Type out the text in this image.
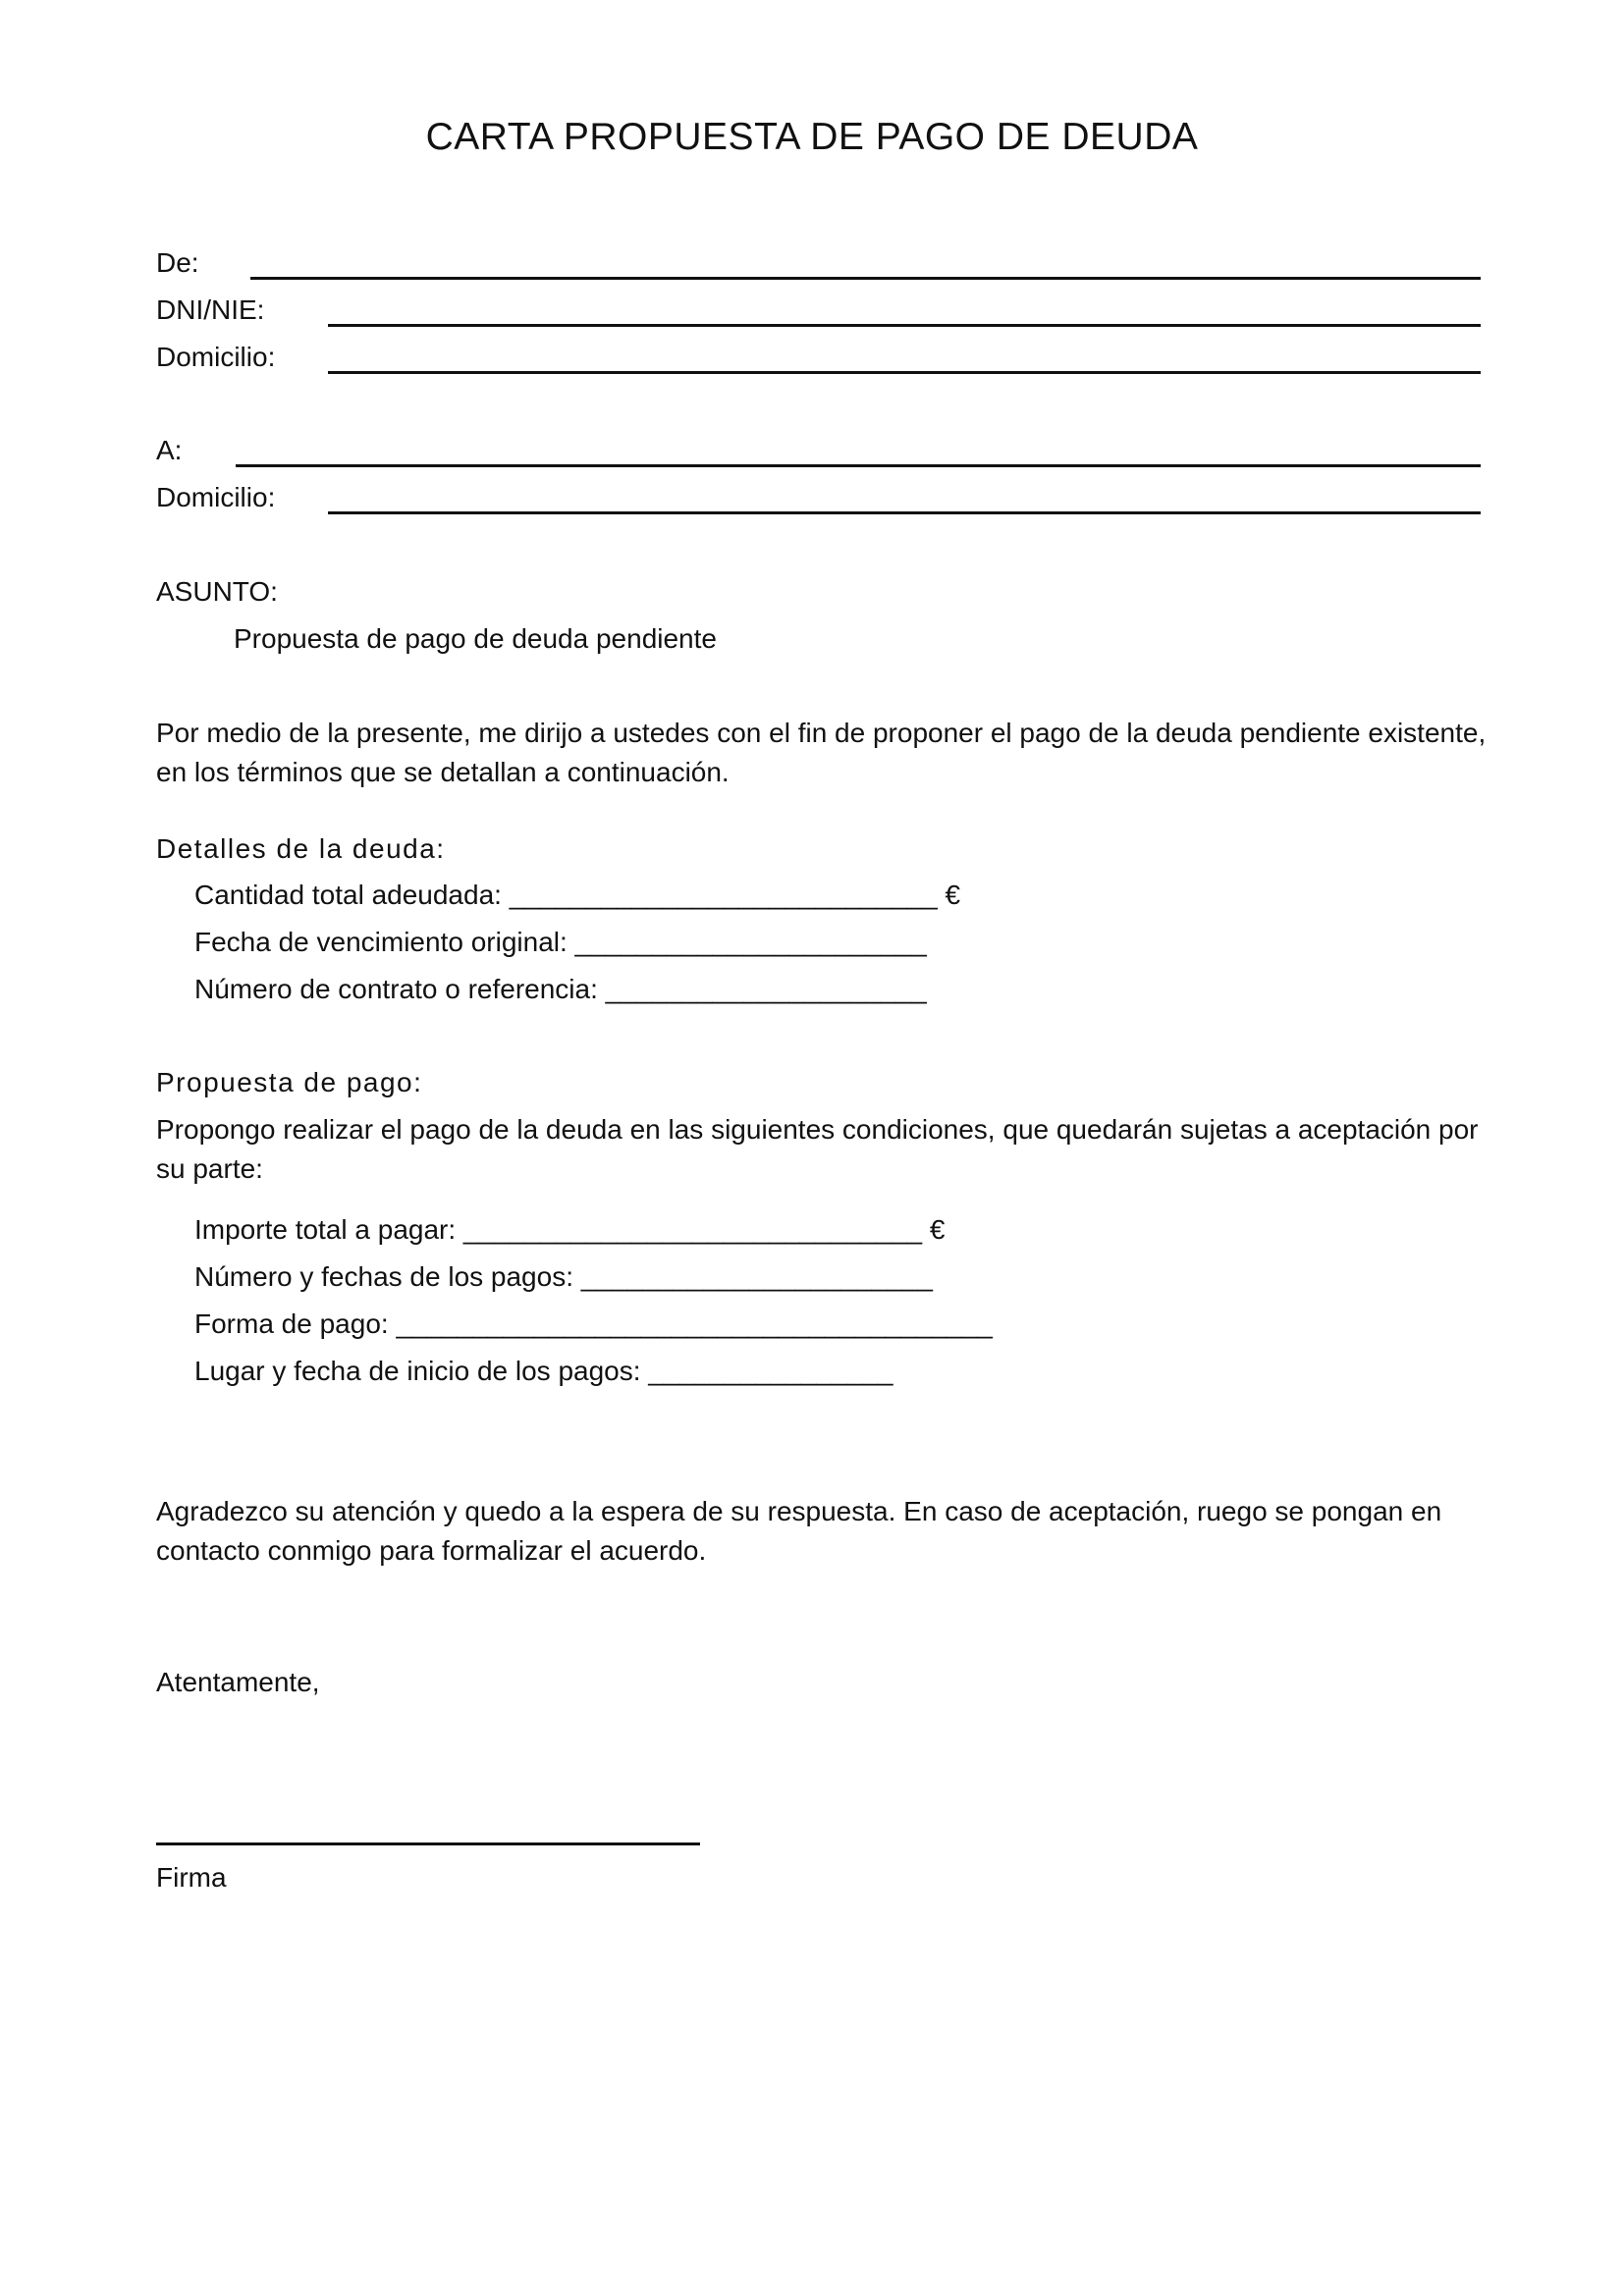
CARTA PROPUESTA DE PAGO DE DEUDA
De:
DNI/NIE:
Domicilio:
A:
Domicilio:
ASUNTO:
Propuesta de pago de deuda pendiente
Por medio de la presente, me dirijo a ustedes con el fin de proponer el pago de la deuda pendiente existente, en los términos que se detallan a continuación.
Detalles de la deuda:
Cantidad total adeudada: ____________________________ €
Fecha de vencimiento original: _______________________
Número de contrato o referencia: _____________________
Propuesta de pago:
Propongo realizar el pago de la deuda en las siguientes condiciones, que quedarán sujetas a aceptación por su parte:
Importe total a pagar: ______________________________ €
Número y fechas de los pagos: _______________________
Forma de pago: _______________________________________
Lugar y fecha de inicio de los pagos: ________________
Agradezco su atención y quedo a la espera de su respuesta. En caso de aceptación, ruego se pongan en contacto conmigo para formalizar el acuerdo.
Atentamente,
Firma
